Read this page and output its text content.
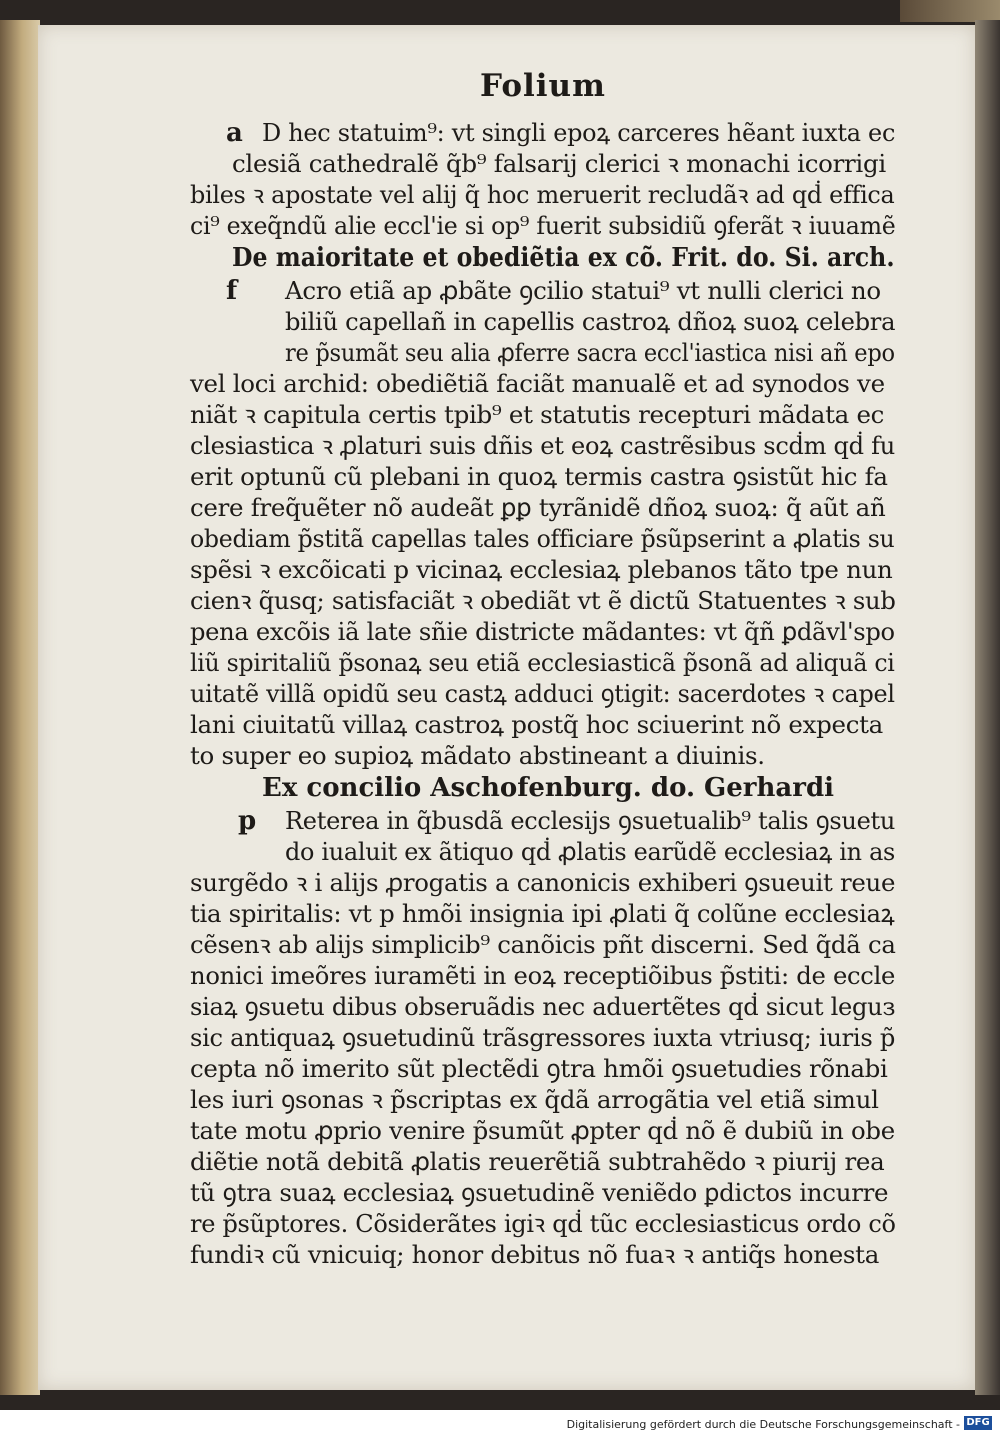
Folium
a D hec statuim⁹: vt singli epoꝝ carceres hẽant iuxta ec
clesiã cathedralẽ q̃b⁹ falsarij clerici ꝛ monachi icorrigi
biles ꝛ apostate vel alij q̃ hoc meruerit recludãꝛ ad qḋ effica
ci⁹ exeq̃ndũ alie eccl'ie si op⁹ fuerit subsidiũ ꝯferãt ꝛ iuuamẽ
De maioritate et obediẽtia ex cõ. Frit. do. Si. arch.
f Acro etiã ap ꝓbãte ꝯcilio statui⁹ vt nulli clerici no
biliũ capellañ in capellis castroꝝ dñoꝝ suoꝝ celebra
re p̃sumãt seu alia ꝓferre sacra eccl'iastica nisi añ epo
vel loci archid: obediẽtiã faciãt manualẽ et ad synodos ve
niãt ꝛ capitula certis tpib⁹ et statutis recepturi mãdata ec
clesiastica ꝛ ꝓlaturi suis dñis et eoꝝ castrẽsibus scḋm qḋ fu
erit optunũ cũ plebani in quoꝝ termis castra ꝯsistũt hic fa
cere freq̃uẽter nõ audeãt ꝑꝑ tyrãnidẽ dñoꝝ suoꝝ: q̃ aũt añ
obediam p̃stitã capellas tales officiare p̃sũpserint a ꝓlatis su
spẽsi ꝛ excõicati p vicinaꝝ ecclesiaꝝ plebanos tãto tpe nun
cienꝛ q̃usq; satisfaciãt ꝛ obediãt vt ẽ dictũ Statuentes ꝛ sub
pena excõis iã late sñie districte mãdantes: vt q̃ñ ꝑdãvl'spo
liũ spiritaliũ p̃sonaꝝ seu etiã ecclesiasticã p̃sonã ad aliquã ci
uitatẽ villã opidũ seu castꝝ adduci ꝯtigit: sacerdotes ꝛ capel
lani ciuitatũ villaꝝ castroꝝ postq̃ hoc sciuerint nõ expecta
to super eo supioꝝ mãdato abstineant a diuinis.
Ex concilio Aschofenburg. do. Gerhardi
p Reterea in q̃busdã ecclesijs ꝯsuetualib⁹ talis ꝯsuetu
do iualuit ex ãtiquo qḋ ꝓlatis earũdẽ ecclesiaꝝ in as
surgẽdo ꝛ i alijs ꝓrogatis a canonicis exhiberi ꝯsueuit reue
tia spiritalis: vt p hmõi insignia ipi ꝓlati q̃ colũne ecclesiaꝝ
cẽsenꝛ ab alijs simplicib⁹ canõicis pñt discerni. Sed q̃dã ca
nonici imeõres iuramẽti in eoꝝ receptiõibus p̃stiti: de eccle
siaꝝ ꝯsuetu dibus obseruãdis nec aduertẽtes qḋ sicut leguз
sic antiquaꝝ ꝯsuetudinũ trãsgressores iuxta vtriusq; iuris p̃
cepta nõ imerito sũt plectẽdi ꝯtra hmõi ꝯsuetudies rõnabi
les iuri ꝯsonas ꝛ p̃scriptas ex q̃dã arrogãtia vel etiã simul
tate motu ꝓprio venire p̃sumũt ꝓpter qḋ nõ ẽ dubiũ in obe
diẽtie notã debitã ꝓlatis reuerẽtiã subtrahẽdo ꝛ piurij rea
tũ ꝯtra suaꝝ ecclesiaꝝ ꝯsuetudinẽ veniẽdo ꝑdictos incurre
re p̃sũptores. Cõsiderãtes igiꝛ qḋ tũc ecclesiasticus ordo cõ
fundiꝛ cũ vnicuiq; honor debitus nõ fuaꝛ ꝛ antiq̃s honesta
Digitalisierung gefördert durch die Deutsche Forschungsgemeinschaft - DFG
